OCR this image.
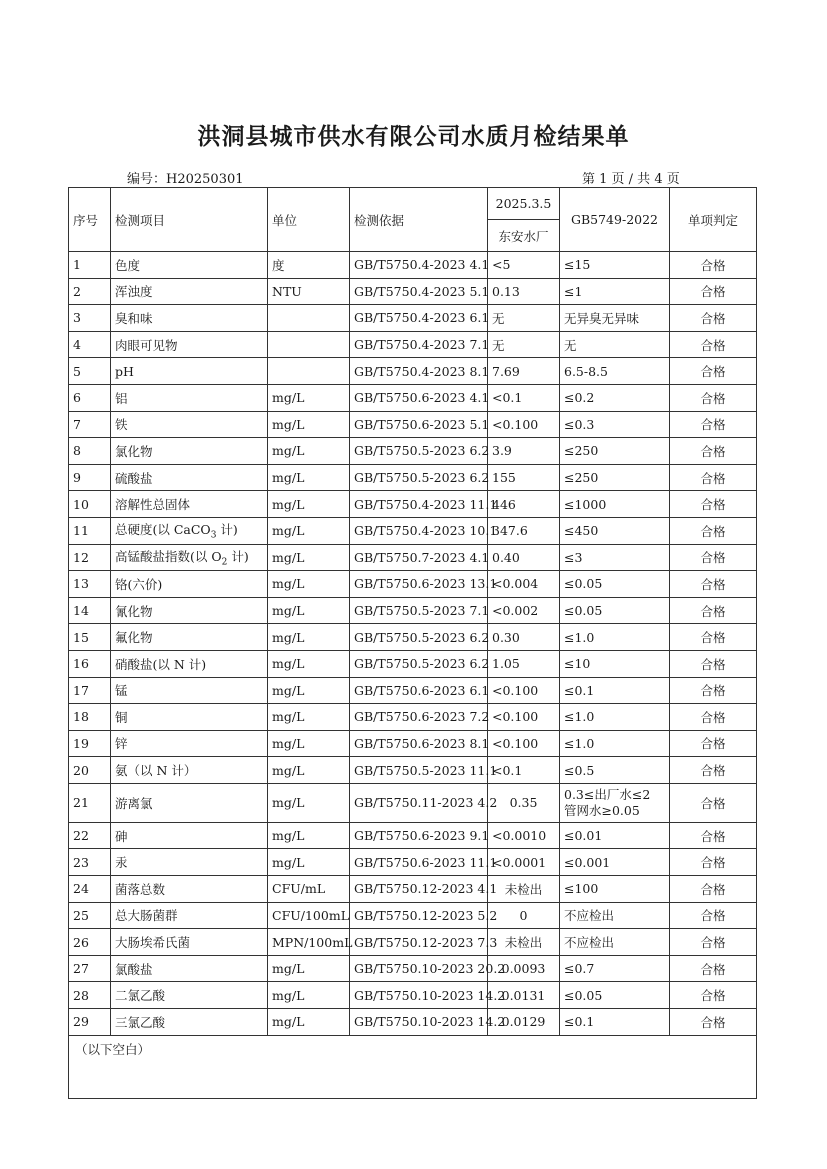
洪洞县城市供水有限公司水质月检结果单
编号：H20250301	第 1 页 / 共 4 页
序号	检测项目	单位	检测依据	2025.3.5	GB5749-2022	单项判定
				东安水厂		
1	色度	度	GB/T5750.4-2023 4.1	<5	≤15	合格
2	浑浊度	NTU	GB/T5750.4-2023 5.1	0.13	≤1	合格
3	臭和味		GB/T5750.4-2023 6.1	无	无异臭无异味	合格
4	肉眼可见物		GB/T5750.4-2023 7.1	无	无	合格
5	pH		GB/T5750.4-2023 8.1	7.69	6.5-8.5	合格
6	铝	mg/L	GB/T5750.6-2023 4.1	<0.1	≤0.2	合格
7	铁	mg/L	GB/T5750.6-2023 5.1	<0.100	≤0.3	合格
8	氯化物	mg/L	GB/T5750.5-2023 6.2	3.9	≤250	合格
9	硫酸盐	mg/L	GB/T5750.5-2023 6.2	155	≤250	合格
10	溶解性总固体	mg/L	GB/T5750.4-2023 11.1	446	≤1000	合格
11	总硬度(以 CaCO$_3$ 计)	mg/L	GB/T5750.4-2023 10.1	347.6	≤450	合格
12	高锰酸盐指数(以 $O_2$ 计)	mg/L	GB/T5750.7-2023 4.1	0.40	≤3	合格
13	铬(六价)	mg/L	GB/T5750.6-2023 13.1	<0.004	≤0.05	合格
14	氰化物	mg/L	GB/T5750.5-2023 7.1	<0.002	≤0.05	合格
15	氟化物	mg/L	GB/T5750.5-2023 6.2	0.30	≤1.0	合格
16	硝酸盐(以 N 计)	mg/L	GB/T5750.5-2023 6.2	1.05	≤10	合格
17	锰	mg/L	GB/T5750.6-2023 6.1	<0.100	≤0.1	合格
18	铜	mg/L	GB/T5750.6-2023 7.2	<0.100	≤1.0	合格
19	锌	mg/L	GB/T5750.6-2023 8.1	<0.100	≤1.0	合格
20	氨（以 N 计）	mg/L	GB/T5750.5-2023 11.1	<0.1	≤0.5	合格
21	游离氯	mg/L	GB/T5750.11-2023 4.2	0.35	0.3≤出厂水≤2 管网水≥0.05	合格
22	砷	mg/L	GB/T5750.6-2023 9.1	<0.0010	≤0.01	合格
23	汞	mg/L	GB/T5750.6-2023 11.1	<0.0001	≤0.001	合格
24	菌落总数	CFU/mL	GB/T5750.12-2023 4.1	未检出	≤100	合格
25	总大肠菌群	CFU/100mL	GB/T5750.12-2023 5.2	0	不应检出	合格
26	大肠埃希氏菌	MPN/100mL	GB/T5750.12-2023 7.3	未检出	不应检出	合格
27	氯酸盐	mg/L	GB/T5750.10-2023 20.2	0.0093	≤0.7	合格
28	二氯乙酸	mg/L	GB/T5750.10-2023 14.2	0.0131	≤0.05	合格
29	三氯乙酸	mg/L	GB/T5750.10-2023 14.2	0.0129	≤0.1	合格
（以下空白）						
